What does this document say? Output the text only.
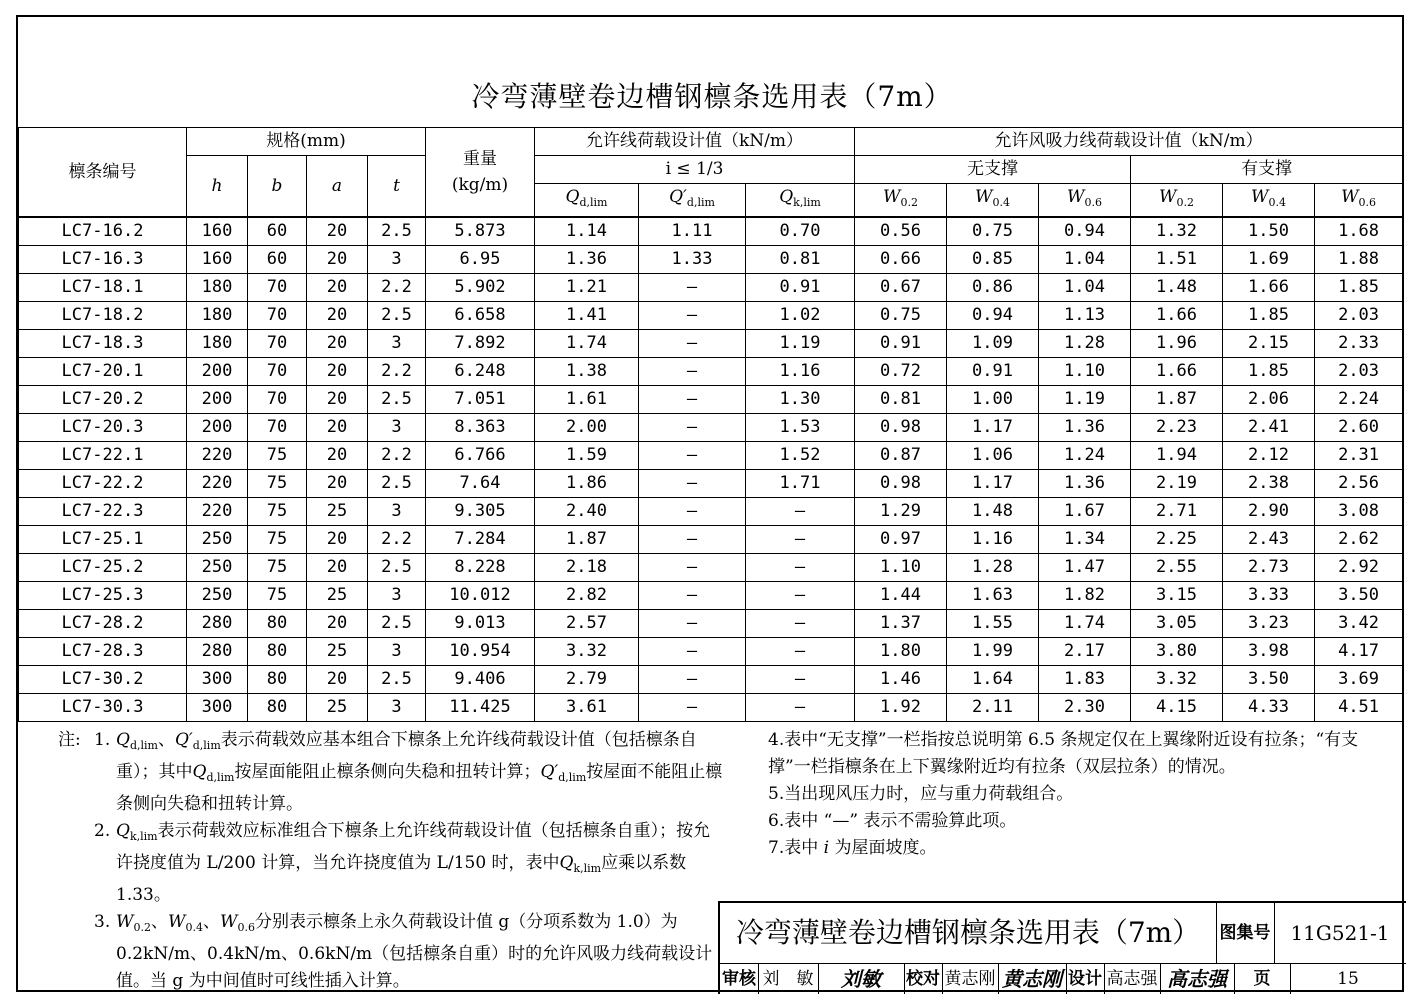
冷弯薄壁卷边槽钢檩条选用表（7m）
檩条编号	规格(mm)				重量
(kg/m)	允许线荷载设计值（kN/m）			允许风吸力线荷载设计值（kN/m）					
	h	b	a	t		i ≤ 1/3			无支撑			有支撑		
						$Q_{d,lim}$	$Q'_{d,lim}$	$Q_{k,lim}$	$W_{0.2}$	$W_{0.4}$	$W_{0.6}$	$W_{0.2}$	$W_{0.4}$	$W_{0.6}$
LC7-16.2	160	60	20	2.5	5.873	1.14	1.11	0.70	0.56	0.75	0.94	1.32	1.50	1.68
LC7-16.3	160	60	20	3	6.95	1.36	1.33	0.81	0.66	0.85	1.04	1.51	1.69	1.88
LC7-18.1	180	70	20	2.2	5.902	1.21	—	0.91	0.67	0.86	1.04	1.48	1.66	1.85
LC7-18.2	180	70	20	2.5	6.658	1.41	—	1.02	0.75	0.94	1.13	1.66	1.85	2.03
LC7-18.3	180	70	20	3	7.892	1.74	—	1.19	0.91	1.09	1.28	1.96	2.15	2.33
LC7-20.1	200	70	20	2.2	6.248	1.38	—	1.16	0.72	0.91	1.10	1.66	1.85	2.03
LC7-20.2	200	70	20	2.5	7.051	1.61	—	1.30	0.81	1.00	1.19	1.87	2.06	2.24
LC7-20.3	200	70	20	3	8.363	2.00	—	1.53	0.98	1.17	1.36	2.23	2.41	2.60
LC7-22.1	220	75	20	2.2	6.766	1.59	—	1.52	0.87	1.06	1.24	1.94	2.12	2.31
LC7-22.2	220	75	20	2.5	7.64	1.86	—	1.71	0.98	1.17	1.36	2.19	2.38	2.56
LC7-22.3	220	75	25	3	9.305	2.40	—	—	1.29	1.48	1.67	2.71	2.90	3.08
LC7-25.1	250	75	20	2.2	7.284	1.87	—	—	0.97	1.16	1.34	2.25	2.43	2.62
LC7-25.2	250	75	20	2.5	8.228	2.18	—	—	1.10	1.28	1.47	2.55	2.73	2.92
LC7-25.3	250	75	25	3	10.012	2.82	—	—	1.44	1.63	1.82	3.15	3.33	3.50
LC7-28.2	280	80	20	2.5	9.013	2.57	—	—	1.37	1.55	1.74	3.05	3.23	3.42
LC7-28.3	280	80	25	3	10.954	3.32	—	—	1.80	1.99	2.17	3.80	3.98	4.17
LC7-30.2	300	80	20	2.5	9.406	2.79	—	—	1.46	1.64	1.83	3.32	3.50	3.69
LC7-30.3	300	80	25	3	11.425	3.61	—	—	1.92	2.11	2.30	4.15	4.33	4.51
注: 1. $Q_{d,lim}$、$Q'_{d,lim}$表示荷载效应基本组合下檩条上允许线荷载设计值（包括檩条自重）；其中$Q_{d,lim}$按屋面能阻止檩条侧向失稳和扭转计算；$Q'_{d,lim}$按屋面不能阻止檩条侧向失稳和扭转计算。
2. $Q_{k,lim}$表示荷载效应标准组合下檩条上允许线荷载设计值（包括檩条自重）；按允许挠度值为 L/200 计算，当允许挠度值为 L/150 时，表中$Q_{k,lim}$应乘以系数 1.33。
3. $W_{0.2}$、$W_{0.4}$、$W_{0.6}$分别表示檩条上永久荷载设计值 g（分项系数为 1.0）为 0.2kN/m、0.4kN/m、0.6kN/m（包括檩条自重）时的允许风吸力线荷载设计值。当 g 为中间值时可线性插入计算。
4.表中“无支撑”一栏指按总说明第 6.5 条规定仅在上翼缘附近设有拉条；“有支撑”一栏指檩条在上下翼缘附近均有拉条（双层拉条）的情况。
5.当出现风压力时，应与重力荷载组合。
6.表中 “—” 表示不需验算此项。
7.表中 i 为屋面坡度。
冷弯薄壁卷边槽钢檩条选用表（7m）	图集号 11G521-1
审核 刘　敏	刘敏	校对 黄志刚 黄志刚 设计 高志强 高志强	页	15
